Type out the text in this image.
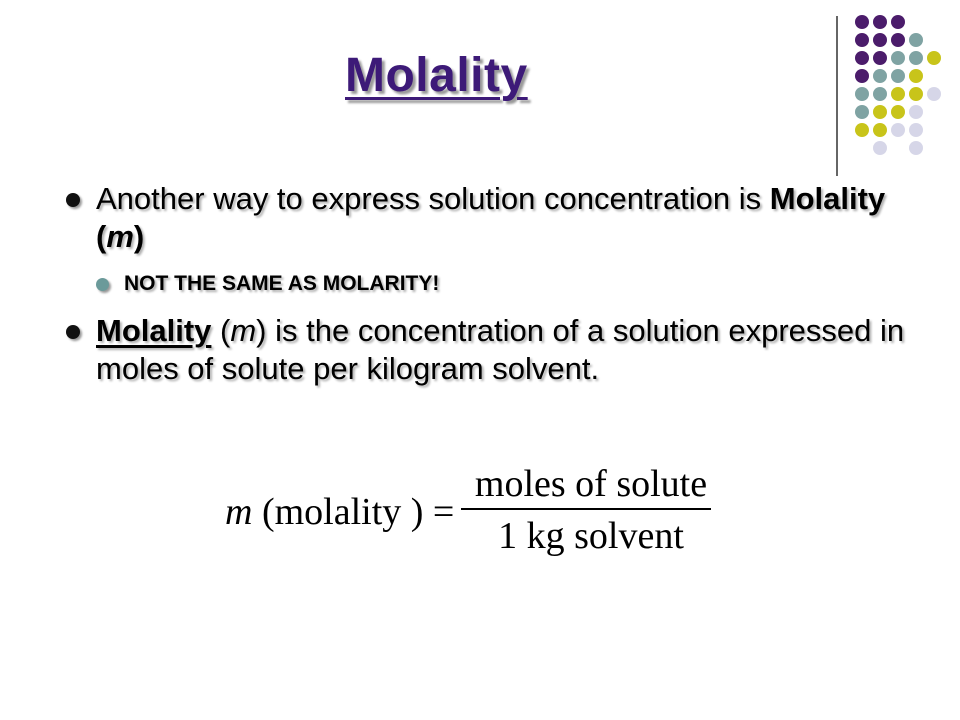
Molality
Another way to express solution concentration is Molality (m)
NOT THE SAME AS MOLARITY!
Molality (m) is the concentration of a solution expressed in moles of solute per kilogram solvent.
m (molality ) =
moles of solute
1 kg solvent
